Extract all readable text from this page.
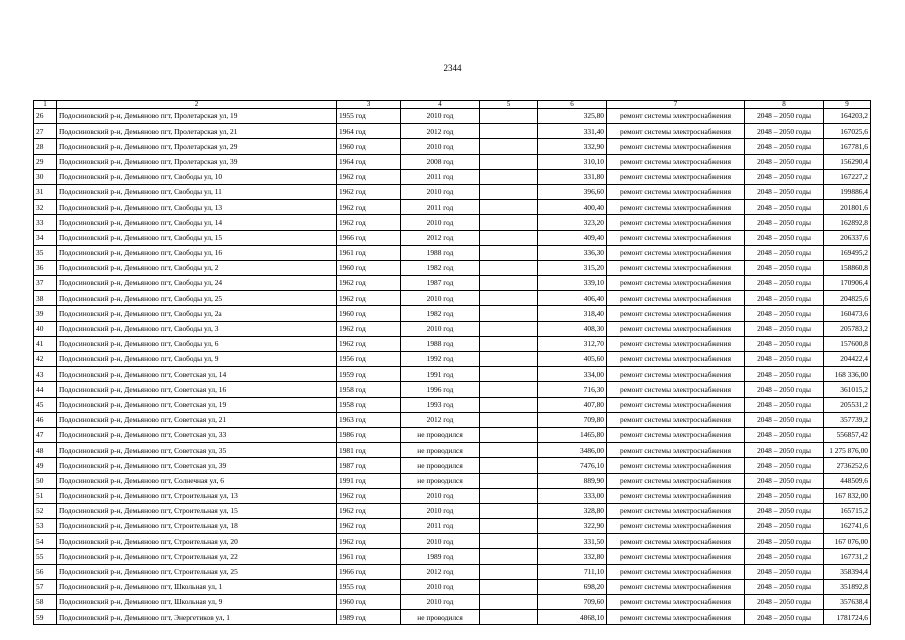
2344
1	2	3	4	5	6	7	8	9
26	Подосиновский р-н, Демьяново пгт, Пролетарская ул, 19	1955 год	2010 год		325,80	ремонт системы электроснабжения	2048 – 2050 годы	164203,2
27	Подосиновский р-н, Демьяново пгт, Пролетарская ул, 21	1964 год	2012 год		331,40	ремонт системы электроснабжения	2048 – 2050 годы	167025,6
28	Подосиновский р-н, Демьяново пгт, Пролетарская ул, 29	1960 год	2010 год		332,90	ремонт системы электроснабжения	2048 – 2050 годы	167781,6
29	Подосиновский р-н, Демьяново пгт, Пролетарская ул, 39	1964 год	2008 год		310,10	ремонт системы электроснабжения	2048 – 2050 годы	156290,4
30	Подосиновский р-н, Демьяново пгт, Свободы ул, 10	1962 год	2011 год		331,80	ремонт системы электроснабжения	2048 – 2050 годы	167227,2
31	Подосиновский р-н, Демьяново пгт, Свободы ул, 11	1962 год	2010 год		396,60	ремонт системы электроснабжения	2048 – 2050 годы	199886,4
32	Подосиновский р-н, Демьяново пгт, Свободы ул, 13	1962 год	2011 год		400,40	ремонт системы электроснабжения	2048 – 2050 годы	201801,6
33	Подосиновский р-н, Демьяново пгт, Свободы ул, 14	1962 год	2010 год		323,20	ремонт системы электроснабжения	2048 – 2050 годы	162892,8
34	Подосиновский р-н, Демьяново пгт, Свободы ул, 15	1966 год	2012 год		409,40	ремонт системы электроснабжения	2048 – 2050 годы	206337,6
35	Подосиновский р-н, Демьяново пгт, Свободы ул, 16	1961 год	1988 год		336,30	ремонт системы электроснабжения	2048 – 2050 годы	169495,2
36	Подосиновский р-н, Демьяново пгт, Свободы ул, 2	1960 год	1982 год		315,20	ремонт системы электроснабжения	2048 – 2050 годы	158860,8
37	Подосиновский р-н, Демьяново пгт, Свободы ул, 24	1962 год	1987 год		339,10	ремонт системы электроснабжения	2048 – 2050 годы	170906,4
38	Подосиновский р-н, Демьяново пгт, Свободы ул, 25	1962 год	2010 год		406,40	ремонт системы электроснабжения	2048 – 2050 годы	204825,6
39	Подосиновский р-н, Демьяново пгт, Свободы ул, 2а	1960 год	1982 год		318,40	ремонт системы электроснабжения	2048 – 2050 годы	160473,6
40	Подосиновский р-н, Демьяново пгт, Свободы ул, 3	1962 год	2010 год		408,30	ремонт системы электроснабжения	2048 – 2050 годы	205783,2
41	Подосиновский р-н, Демьяново пгт, Свободы ул, 6	1962 год	1988 год		312,70	ремонт системы электроснабжения	2048 – 2050 годы	157600,8
42	Подосиновский р-н, Демьяново пгт, Свободы ул, 9	1956 год	1992 год		405,60	ремонт системы электроснабжения	2048 – 2050 годы	204422,4
43	Подосиновский р-н, Демьяново пгт, Советская ул, 14	1959 год	1991 год		334,00	ремонт системы электроснабжения	2048 – 2050 годы	168 336,00
44	Подосиновский р-н, Демьяново пгт, Советская ул, 16	1958 год	1996 год		716,30	ремонт системы электроснабжения	2048 – 2050 годы	361015,2
45	Подосиновский р-н, Демьяново пгт, Советская ул, 19	1958 год	1993 год		407,80	ремонт системы электроснабжения	2048 – 2050 годы	205531,2
46	Подосиновский р-н, Демьяново пгт, Советская ул, 21	1963 год	2012 год		709,80	ремонт системы электроснабжения	2048 – 2050 годы	357739,2
47	Подосиновский р-н, Демьяново пгт, Советская ул, 33	1986 год	не проводился		1465,80	ремонт системы электроснабжения	2048 – 2050 годы	556857,42
48	Подосиновский р-н, Демьяново пгт, Советская ул, 35	1981 год	не проводился		3486,00	ремонт системы электроснабжения	2048 – 2050 годы	1 275 876,00
49	Подосиновский р-н, Демьяново пгт, Советская ул, 39	1987 год	не проводился		7476,10	ремонт системы электроснабжения	2048 – 2050 годы	2736252,6
50	Подосиновский р-н, Демьяново пгт, Солнечная ул, 6	1991 год	не проводился		889,90	ремонт системы электроснабжения	2048 – 2050 годы	448509,6
51	Подосиновский р-н, Демьяново пгт, Строительная ул, 13	1962 год	2010 год		333,00	ремонт системы электроснабжения	2048 – 2050 годы	167 832,00
52	Подосиновский р-н, Демьяново пгт, Строительная ул, 15	1962 год	2010 год		328,80	ремонт системы электроснабжения	2048 – 2050 годы	165715,2
53	Подосиновский р-н, Демьяново пгт, Строительная ул, 18	1962 год	2011 год		322,90	ремонт системы электроснабжения	2048 – 2050 годы	162741,6
54	Подосиновский р-н, Демьяново пгт, Строительная ул, 20	1962 год	2010 год		331,50	ремонт системы электроснабжения	2048 – 2050 годы	167 076,00
55	Подосиновский р-н, Демьяново пгт, Строительная ул, 22	1961 год	1989 год		332,80	ремонт системы электроснабжения	2048 – 2050 годы	167731,2
56	Подосиновский р-н, Демьяново пгт, Строительная ул, 25	1966 год	2012 год		711,10	ремонт системы электроснабжения	2048 – 2050 годы	358394,4
57	Подосиновский р-н, Демьяново пгт, Школьная ул, 1	1955 год	2010 год		698,20	ремонт системы электроснабжения	2048 – 2050 годы	351892,8
58	Подосиновский р-н, Демьяново пгт, Школьная ул, 9	1960 год	2010 год		709,60	ремонт системы электроснабжения	2048 – 2050 годы	357638,4
59	Подосиновский р-н, Демьяново пгт, Энергетиков ул, 1	1989 год	не проводился		4868,10	ремонт системы электроснабжения	2048 – 2050 годы	1781724,6
